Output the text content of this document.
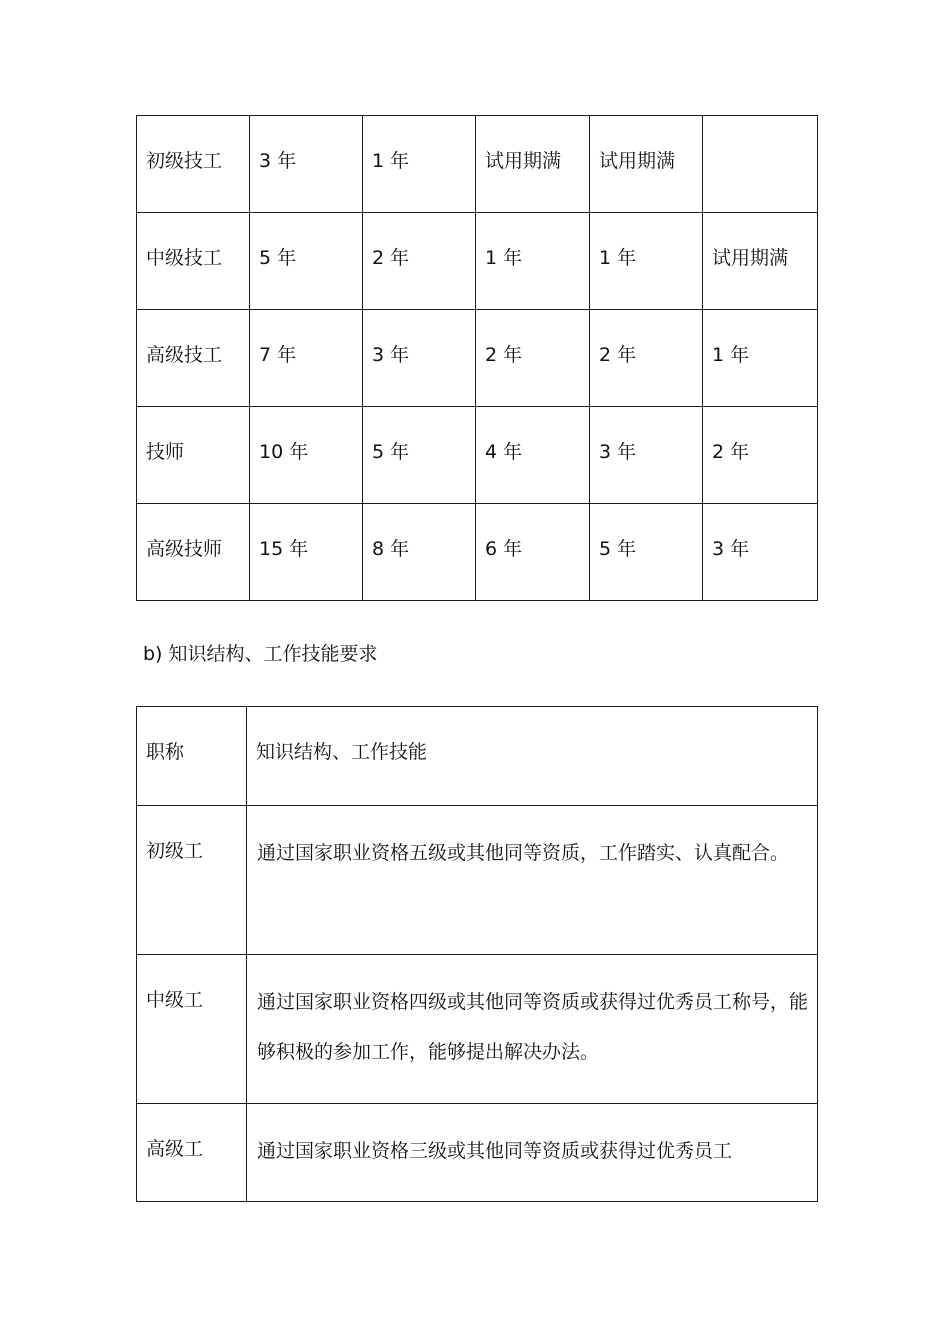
初级技工	3 年	1 年	试用期满	试用期满	
中级技工	5 年	2 年	1 年	1 年	试用期满
高级技工	7 年	3 年	2 年	2 年	1 年
技师	10 年	5 年	4 年	3 年	2 年
高级技师	15 年	8 年	6 年	5 年	3 年
b) 知识结构、工作技能要求
职称	知识结构、工作技能
初级工	通过国家职业资格五级或其他同等资质，工作踏实、认真配合。
中级工	通过国家职业资格四级或其他同等资质或获得过优秀员工称号，能够积极的参加工作，能够提出解决办法。
高级工	通过国家职业资格三级或其他同等资质或获得过优秀员工
